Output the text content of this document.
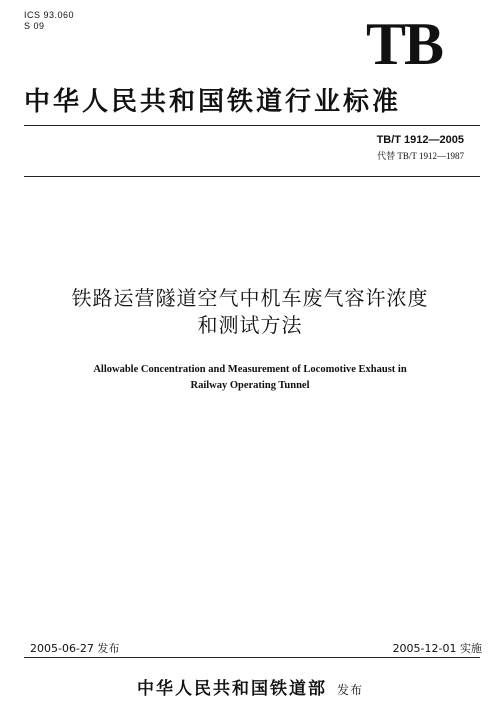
ICS 93.060
S 09	TB
中华人民共和国铁道行业标准
TB/T 1912—2005
代替 TB/T 1912—1987
铁路运营隧道空气中机车废气容许浓度
和测试方法
Allowable Concentration and Measurement of Locomotive Exhaust in
Railway Operating Tunnel
2005-06-27 发布	2005-12-01 实施
中华人民共和国铁道部 发布
